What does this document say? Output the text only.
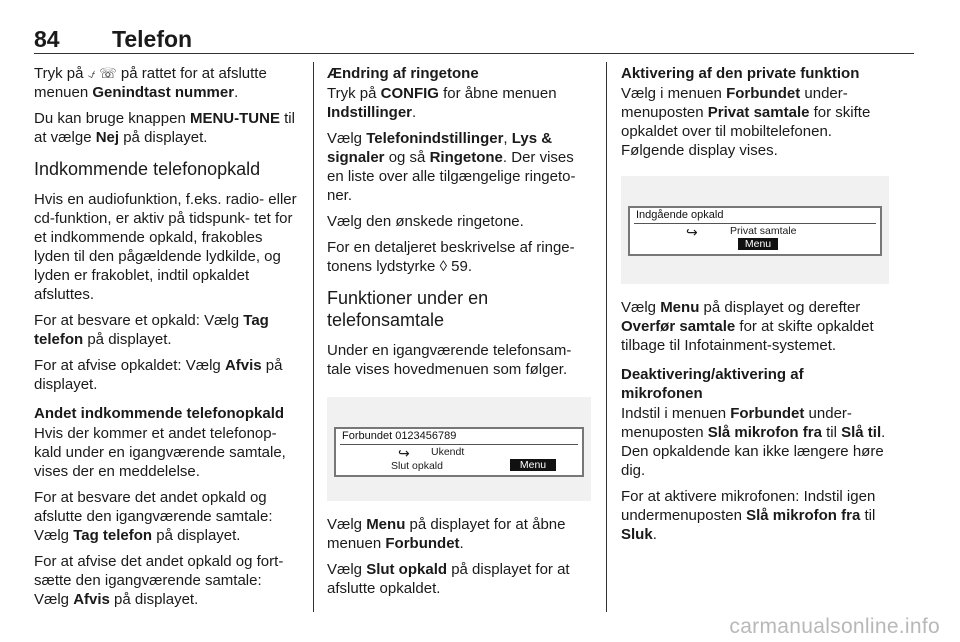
84 Telefon

Tryk på ⍻ ☏ på rattet for at afslutte menuen Genindtast nummer.

Du kan bruge knappen MENU-TUNE til at vælge Nej på displayet.

Indkommende telefonopkald

Hvis en audiofunktion, f.eks. radio- eller cd-funktion, er aktiv på tidspunk- tet for et indkommende opkald, frakobles lyden til den pågældende lydkilde, og lyden er frakoblet, indtil opkaldet afsluttes.

For at besvare et opkald: Vælg Tag telefon på displayet.

For at afvise opkaldet: Vælg Afvis på displayet.

Andet indkommende telefonopkald

Hvis der kommer et andet telefonop- kald under en igangværende samtale, vises der en meddelelse.

For at besvare det andet opkald og afslutte den igangværende samtale: Vælg Tag telefon på displayet.

For at afvise det andet opkald og fort- sætte den igangværende samtale: Vælg Afvis på displayet.

Ændring af ringetone

Tryk på CONFIG for åbne menuen Indstillinger.

Vælg Telefonindstillinger, Lys & signaler og så Ringetone. Der vises en liste over alle tilgængelige ringeto- ner.

Vælg den ønskede ringetone.

For en detaljeret beskrivelse af ringe- tonens lydstyrke ◊ 59.

Funktioner under en telefonsamtale

Under en igangværende telefonsam- tale vises hovedmenuen som følger.

Forbundet 0123456789
↪ Ukendt
Slut opkald	Menu

Vælg Menu på displayet for at åbne menuen Forbundet.

Vælg Slut opkald på displayet for at afslutte opkaldet.

Aktivering af den private funktion

Vælg i menuen Forbundet under- menuposten Privat samtale for skifte opkaldet over til mobiltelefonen.

Følgende display vises.

Indgående opkald
↪	Privat samtale
Menu

Vælg Menu på displayet og derefter Overfør samtale for at skifte opkaldet tilbage til Infotainment-systemet.

Deaktivering/aktivering af mikrofonen

Indstil i menuen Forbundet under- menuposten Slå mikrofon fra til Slå til. Den opkaldende kan ikke længere høre dig.

For at aktivere mikrofonen: Indstil igen undermenuposten Slå mikrofon fra til Sluk.

carmanualsonline.info
